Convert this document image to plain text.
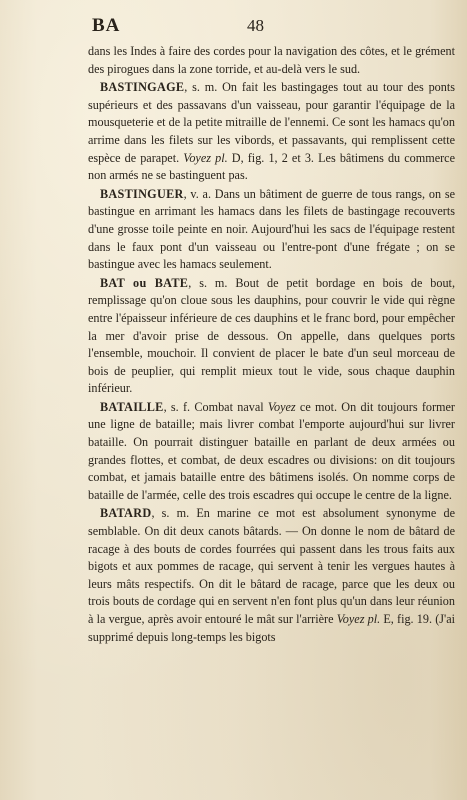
BA	48

dans les Indes à faire des cordes pour la navigation des côtes, et le grément des pirogues dans la zone torride, et au-delà vers le sud.

BASTINGAGE, s. m. On fait les bastingages tout au tour des ponts supérieurs et des passavans d'un vaisseau, pour garantir l'équipage de la mousqueterie et de la petite mitraille de l'ennemi. Ce sont les hamacs qu'on arrime dans les filets sur les vibords, et passavants, qui remplissent cette espèce de parapet. Voyez pl. D, fig. 1, 2 et 3. Les bâtimens du commerce non armés ne se bastinguent pas.

BASTINGUER, v. a. Dans un bâtiment de guerre de tous rangs, on se bastingue en arrimant les hamacs dans les filets de bastingage recouverts d'une grosse toile peinte en noir. Aujourd'hui les sacs de l'équipage restent dans le faux pont d'un vaisseau ou l'entre-pont d'une frégate ; on se bastingue avec les hamacs seulement.

BAT ou BATE, s. m. Bout de petit bordage en bois de bout, remplissage qu'on cloue sous les dauphins, pour couvrir le vide qui règne entre l'épaisseur inférieure de ces dauphins et le franc bord, pour empêcher la mer d'avoir prise de dessous. On appelle, dans quelques ports l'ensemble, mouchoir. Il convient de placer le bate d'un seul morceau de bois de peuplier, qui remplit mieux tout le vide, sous chaque dauphin inférieur.

BATAILLE, s. f. Combat naval Voyez ce mot. On dit toujours former une ligne de bataille; mais livrer combat l'emporte aujourd'hui sur livrer bataille. On pourrait distinguer bataille en parlant de deux armées ou grandes flottes, et combat, de deux escadres ou divisions: on dit toujours combat, et jamais bataille entre des bâtimens isolés. On nomme corps de bataille de l'armée, celle des trois escadres qui occupe le centre de la ligne.

BATARD, s. m. En marine ce mot est absolument synonyme de semblable. On dit deux canots bâtards. — On donne le nom de bâtard de racage à des bouts de cordes fourrées qui passent dans les trous faits aux bigots et aux pommes de racage, qui servent à tenir les vergues hautes à leurs mâts respectifs. On dit le bâtard de racage, parce que les deux ou trois bouts de cordage qui en servent n'en font plus qu'un dans leur réunion à la vergue, après avoir entouré le mât sur l'arrière Voyez pl. E, fig. 19. (J'ai supprimé depuis long-temps les bigots
